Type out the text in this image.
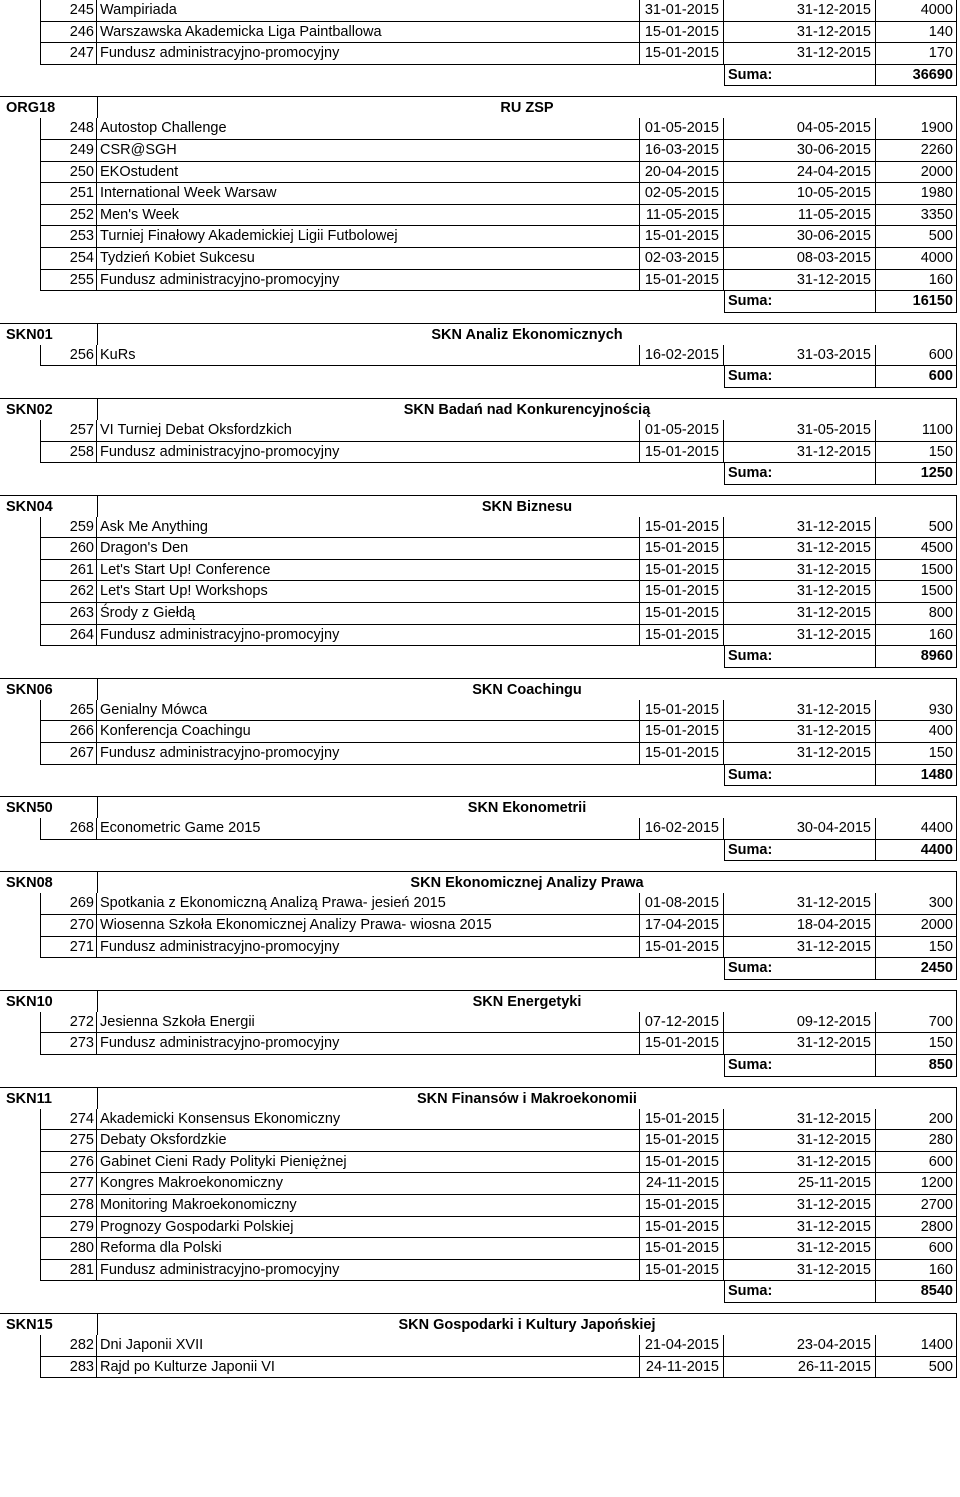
245 Wampiriada	31-01-2015	31-12-2015	4000
246 Warszawska Akademicka Liga Paintballowa	15-01-2015	31-12-2015	140
247 Fundusz administracyjno-promocyjny	15-01-2015	31-12-2015	170
Suma:	36690
ORG18	RU ZSP
248 Autostop Challenge	01-05-2015	04-05-2015	1900
249 CSR@SGH	16-03-2015	30-06-2015	2260
250 EKOstudent	20-04-2015	24-04-2015	2000
251 International Week Warsaw	02-05-2015	10-05-2015	1980
252 Men's Week	11-05-2015	11-05-2015	3350
253 Turniej Finałowy Akademickiej Ligii Futbolowej	15-01-2015	30-06-2015	500
254 Tydzień Kobiet Sukcesu	02-03-2015	08-03-2015	4000
255 Fundusz administracyjno-promocyjny	15-01-2015	31-12-2015	160
Suma:	16150
SKN01	SKN Analiz Ekonomicznych
256 KuRs	16-02-2015	31-03-2015	600
Suma:	600
SKN02	SKN Badań nad Konkurencyjnością
257 VI Turniej Debat Oksfordzkich	01-05-2015	31-05-2015	1100
258 Fundusz administracyjno-promocyjny	15-01-2015	31-12-2015	150
Suma:	1250
SKN04	SKN Biznesu
259 Ask Me Anything	15-01-2015	31-12-2015	500
260 Dragon's Den	15-01-2015	31-12-2015	4500
261 Let's Start Up! Conference	15-01-2015	31-12-2015	1500
262 Let's Start Up! Workshops	15-01-2015	31-12-2015	1500
263 Środy z Giełdą	15-01-2015	31-12-2015	800
264 Fundusz administracyjno-promocyjny	15-01-2015	31-12-2015	160
Suma:	8960
SKN06	SKN Coachingu
265 Genialny Mówca	15-01-2015	31-12-2015	930
266 Konferencja Coachingu	15-01-2015	31-12-2015	400
267 Fundusz administracyjno-promocyjny	15-01-2015	31-12-2015	150
Suma:	1480
SKN50	SKN Ekonometrii
268 Econometric Game 2015	16-02-2015	30-04-2015	4400
Suma:	4400
SKN08	SKN Ekonomicznej Analizy Prawa
269 Spotkania z Ekonomiczną Analizą Prawa- jesień 2015	01-08-2015	31-12-2015	300
270 Wiosenna Szkoła Ekonomicznej Analizy Prawa- wiosna 2015	17-04-2015	18-04-2015	2000
271 Fundusz administracyjno-promocyjny	15-01-2015	31-12-2015	150
Suma:	2450
SKN10	SKN Energetyki
272 Jesienna Szkoła Energii	07-12-2015	09-12-2015	700
273 Fundusz administracyjno-promocyjny	15-01-2015	31-12-2015	150
Suma:	850
SKN11	SKN Finansów i Makroekonomii
274 Akademicki Konsensus Ekonomiczny	15-01-2015	31-12-2015	200
275 Debaty Oksfordzkie	15-01-2015	31-12-2015	280
276 Gabinet Cieni Rady Polityki Pieniężnej	15-01-2015	31-12-2015	600
277 Kongres Makroekonomiczny	24-11-2015	25-11-2015	1200
278 Monitoring Makroekonomiczny	15-01-2015	31-12-2015	2700
279 Prognozy Gospodarki Polskiej	15-01-2015	31-12-2015	2800
280 Reforma dla Polski	15-01-2015	31-12-2015	600
281 Fundusz administracyjno-promocyjny	15-01-2015	31-12-2015	160
Suma:	8540
SKN15	SKN Gospodarki i Kultury Japońskiej
282 Dni Japonii XVII	21-04-2015	23-04-2015	1400
283 Rajd po Kulturze Japonii VI	24-11-2015	26-11-2015	500
